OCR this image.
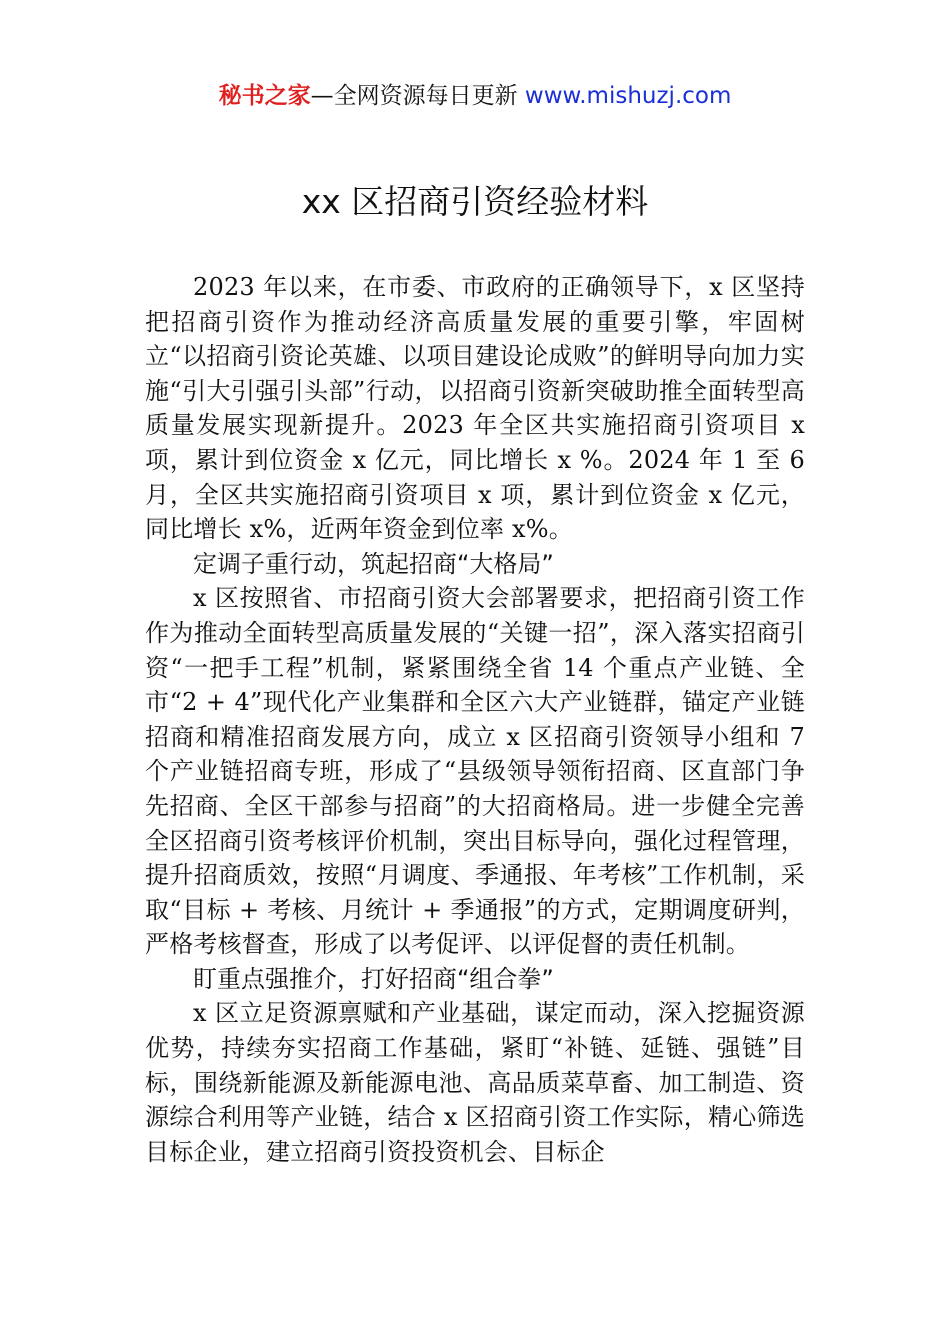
秘书之家—全网资源每日更新 www.mishuzj.com
xx 区招商引资经验材料

2023 年以来，在市委、市政府的正确领导下，x 区坚持把招商引资作为推动经济高质量发展的重要引擎，牢固树立“以招商引资论英雄、以项目建设论成败”的鲜明导向加力实施“引大引强引头部”行动，以招商引资新突破助推全面转型高质量发展实现新提升。2023 年全区共实施招商引资项目 x 项，累计到位资金 x 亿元，同比增长 x %。2024 年 1 至 6 月，全区共实施招商引资项目 x 项，累计到位资金 x 亿元，同比增长 x%，近两年资金到位率 x%。

定调子重行动，筑起招商“大格局”

x 区按照省、市招商引资大会部署要求，把招商引资工作作为推动全面转型高质量发展的“关键一招”，深入落实招商引资“一把手工程”机制，紧紧围绕全省 14 个重点产业链、全市“2 + 4”现代化产业集群和全区六大产业链群，锚定产业链招商和精准招商发展方向，成立 x 区招商引资领导小组和 7 个产业链招商专班，形成了“县级领导领衔招商、区直部门争先招商、全区干部参与招商”的大招商格局。进一步健全完善全区招商引资考核评价机制，突出目标导向，强化过程管理，提升招商质效，按照“月调度、季通报、年考核”工作机制，采取“目标 + 考核、月统计 + 季通报”的方式，定期调度研判，严格考核督查，形成了以考促评、以评促督的责任机制。

盯重点强推介，打好招商“组合拳”

x 区立足资源禀赋和产业基础，谋定而动，深入挖掘资源优势，持续夯实招商工作基础，紧盯“补链、延链、强链”目标，围绕新能源及新能源电池、高品质菜草畜、加工制造、资源综合利用等产业链，结合 x 区招商引资工作实际，精心筛选目标企业，建立招商引资投资机会、目标企
